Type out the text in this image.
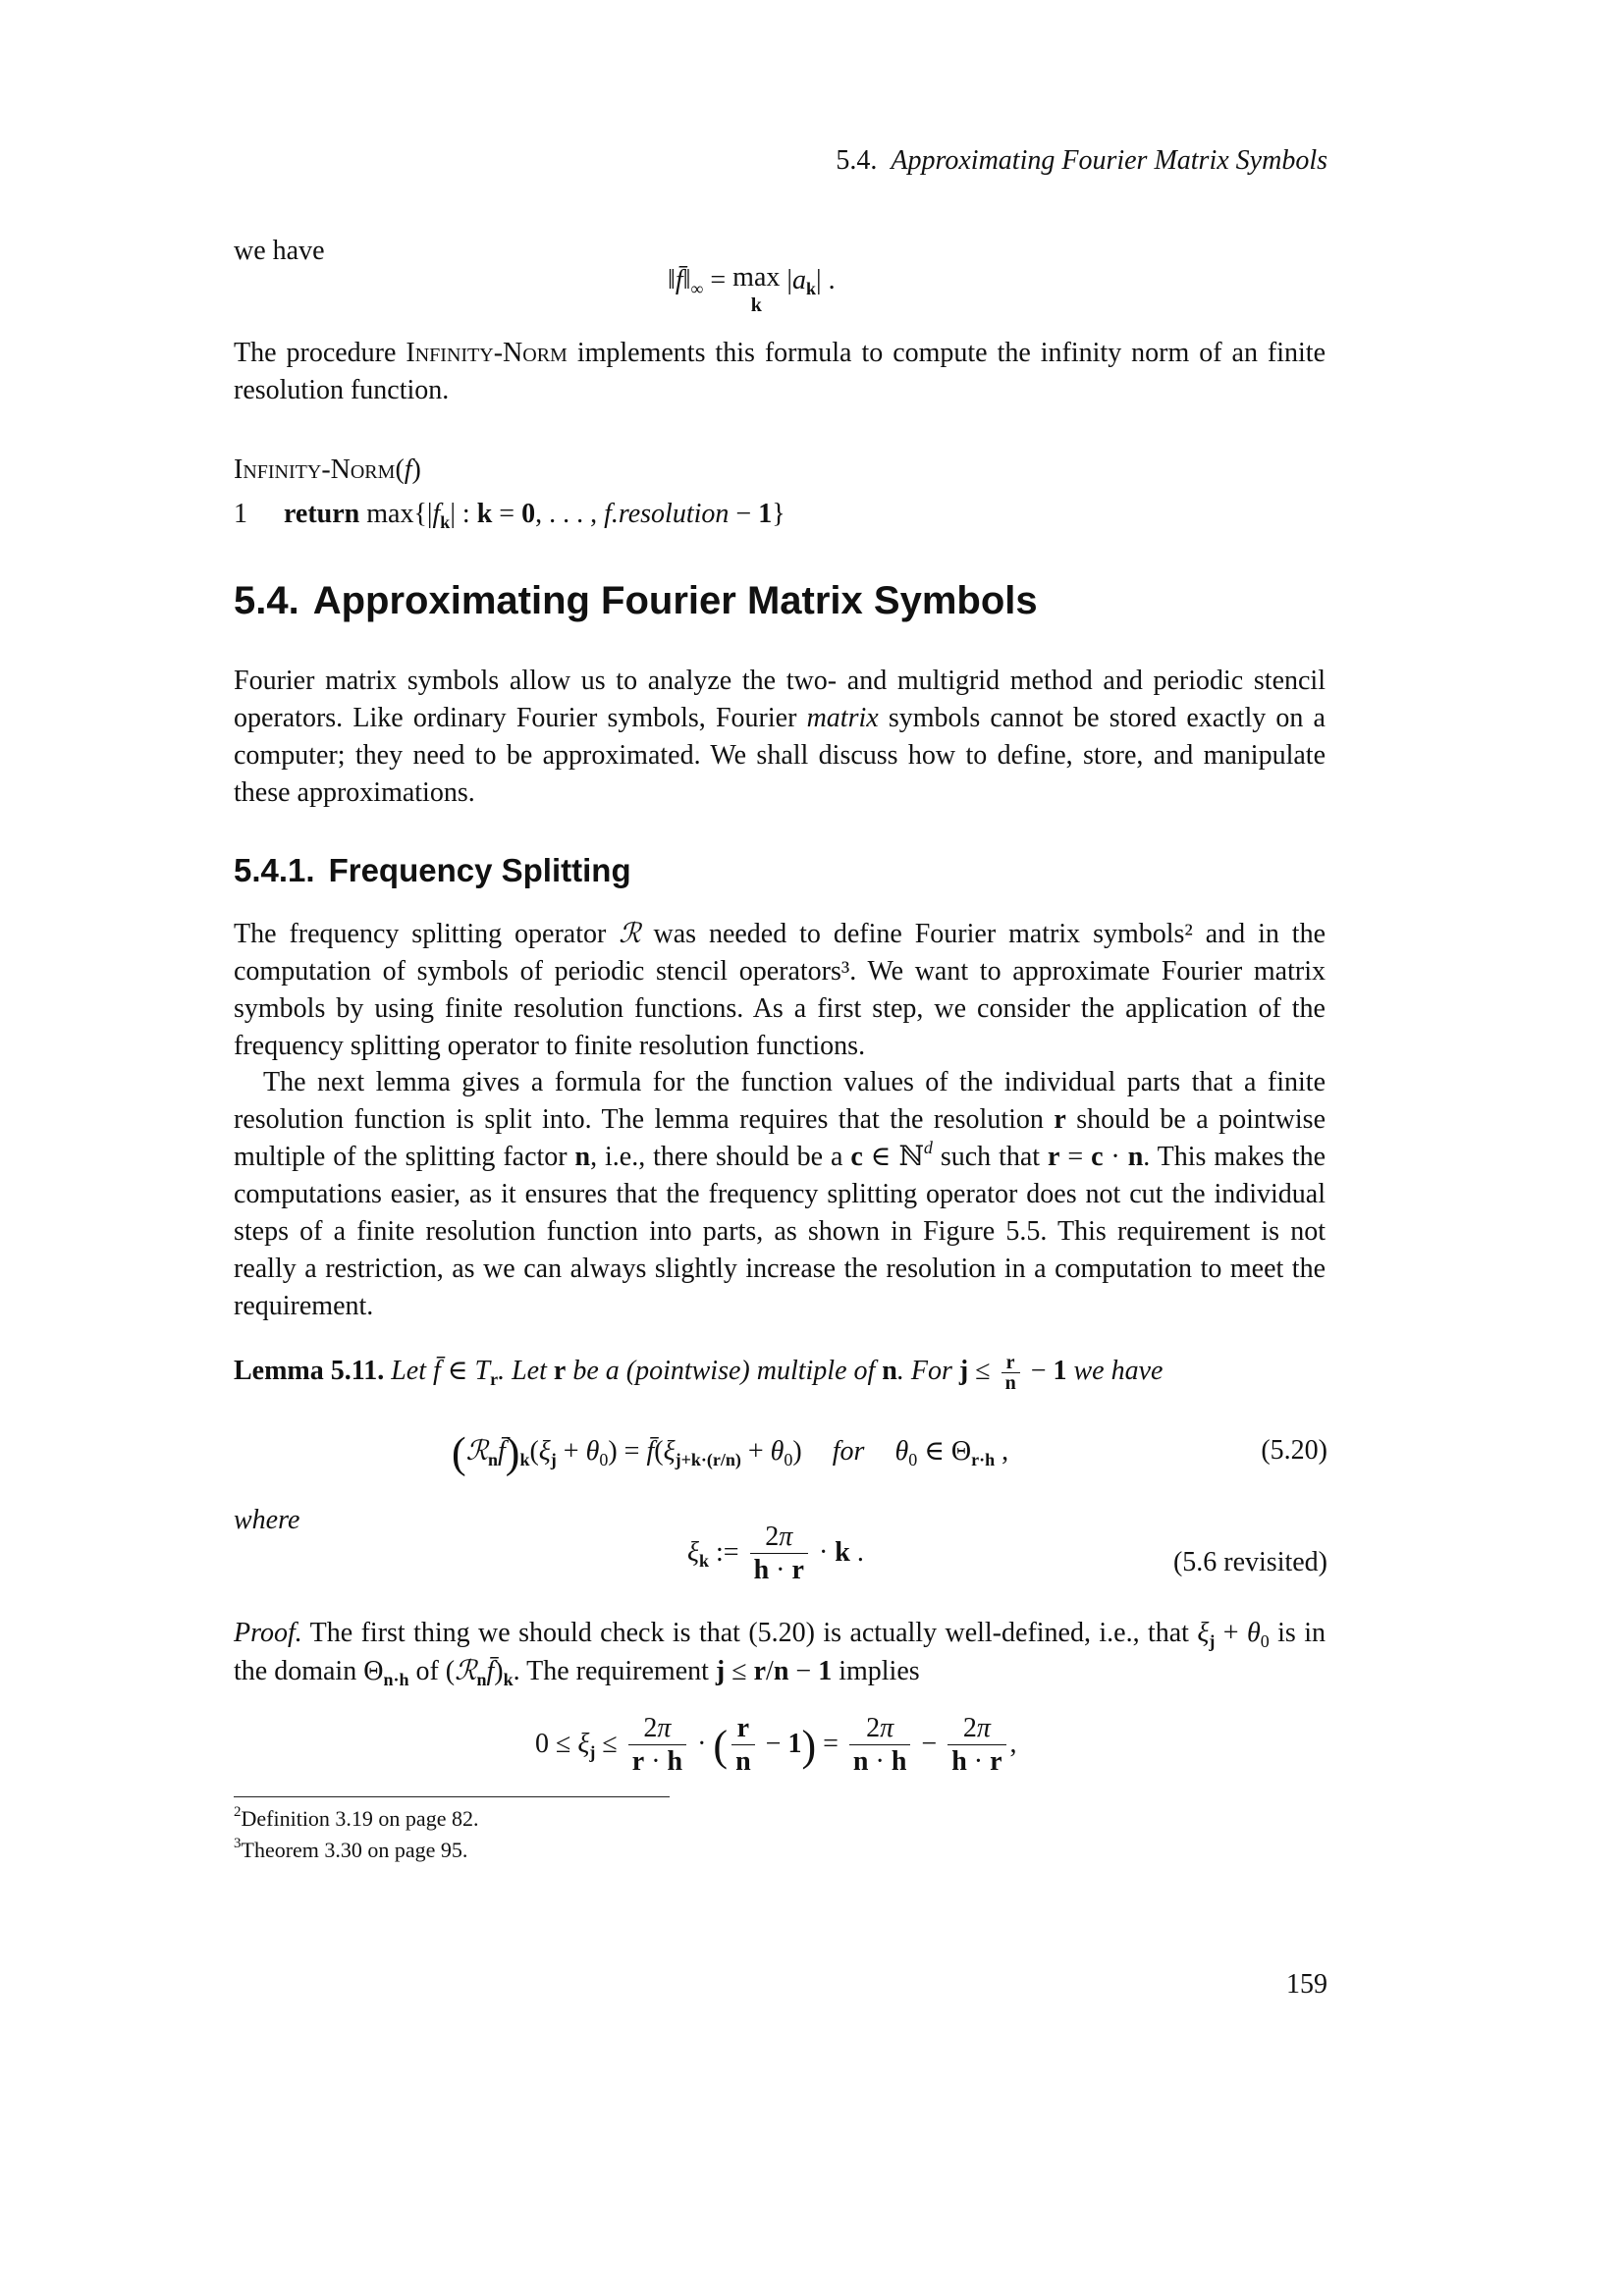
5.4. Approximating Fourier Matrix Symbols
we have
$‖f̄‖_\infty = \max$
k $|a_k|$ .
The procedure Infinity-Norm implements this formula to compute the infinity norm of an finite resolution function.
Infinity-Norm(f)
1 return $\max\{|f_k|$ : k = 0, . . . , f.resolution − 1}
5.4. Approximating Fourier Matrix Symbols
Fourier matrix symbols allow us to analyze the two- and multigrid method and periodic stencil operators. Like ordinary Fourier symbols, Fourier matrix symbols cannot be stored exactly on a computer; they need to be approximated. We shall discuss how to define, store, and manipulate these approximations.
5.4.1. Frequency Splitting
The frequency splitting operator ℛ was needed to define Fourier matrix symbols² and in the computation of symbols of periodic stencil operators³. We want to approximate Fourier matrix symbols by using finite resolution functions. As a first step, we consider the application of the frequency splitting operator to finite resolution functions.
The next lemma gives a formula for the function values of the individual parts that a finite resolution function is split into. The lemma requires that the resolution r should be a pointwise multiple of the splitting factor n, i.e., there should be a c ∈ ℕ$^d$ such that r = c · n. This makes the computations easier, as it ensures that the frequency splitting operator does not cut the individual steps of a finite resolution function into parts, as shown in Figure 5.5. This requirement is not really a restriction, as we can always slightly increase the resolution in a computation to meet the requirement.
Lemma 5.11. Let f̄ ∈ $T_r$. Let r be a (pointwise) multiple of n. For $j \le \frac{r}{n} - 1$ we have
$(ℛ_nf̄)_k(\xi_j + \theta_0)$ = $f̄(\xi_{j+k\cdot(r/n)} + \theta_0)$ for $\theta_0$ ∈ $\Theta_{r\cdot h}$ ,	(5.20)
where
$\xi_k$ := $\frac{2\pi}{h \cdot r} \cdot k$ .	(5.6 revisited)
Proof. The first thing we should check is that (5.20) is actually well-defined, i.e., that $\xi_j + \theta_0$ is in the domain $\Theta_{n\cdot h}$ of $(ℛ_nf̄)_k$. The requirement j ≤ r/n − 1 implies
$0 \le \xi_j \le \frac{2\pi}{r \cdot h}$ · ( $\frac{r}{n} - 1) = \frac{2\pi}{n \cdot h} - \frac{2\pi}{h \cdot r}$ ,
$^2$Definition 3.19 on page 82.
$^3$Theorem 3.30 on page 95.
159
